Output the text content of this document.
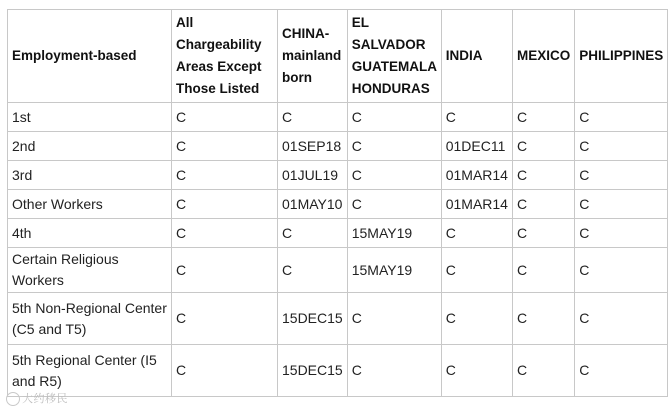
Employment-based	All Chargeability Areas Except Those Listed	CHINA-mainland born	EL SALVADOR GUATEMALA HONDURAS	INDIA	MEXICO	PHILIPPINES
1st	C	C	C	C	C	C
2nd	C	01SEP18	C	01DEC11	C	C
3rd	C	01JUL19	C	01MAR14	C	C
Other Workers	C	01MAY10	C	01MAR14	C	C
4th	C	C	15MAY19	C	C	C
Certain Religious Workers	C	C	15MAY19	C	C	C
5th Non-Regional Center (C5 and T5)	C	15DEC15	C	C	C	C
5th Regional Center (I5 and R5)	C	15DEC15	C	C	C	C
大约移民
